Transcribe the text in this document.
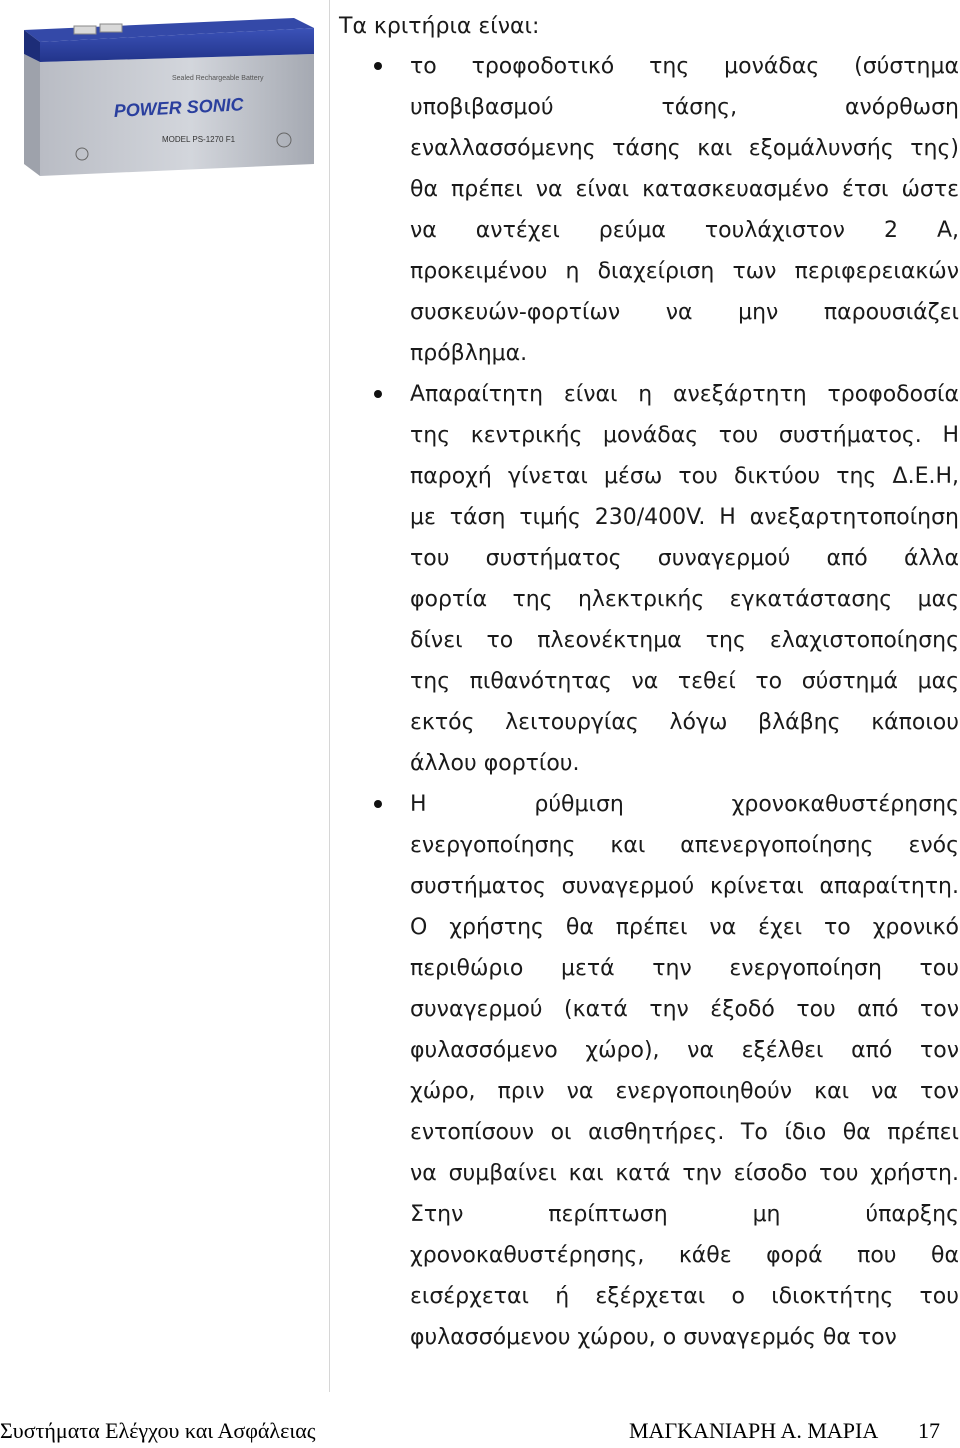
Sealed Rechargeable Battery
POWER SONIC
MODEL PS-1270 F1

Τα κριτήρια είναι:

το τροφοδοτικό της μονάδας (σύστημα
υποβιβασμού τάσης, ανόρθωση
εναλλασσόμενης τάσης και εξομάλυνσής της)
θα πρέπει να είναι κατασκευασμένο έτσι ώστε
να αντέχει ρεύμα τουλάχιστον 2 Α,
προκειμένου η διαχείριση των περιφερειακών
συσκευών-φορτίων να μην παρουσιάζει
πρόβλημα.
Απαραίτητη είναι η ανεξάρτητη τροφοδοσία
της κεντρικής μονάδας του συστήματος. Η
παροχή γίνεται μέσω του δικτύου της Δ.Ε.Η,
με τάση τιμής 230/400V. Η ανεξαρτητοποίηση
του συστήματος συναγερμού από άλλα
φορτία της ηλεκτρικής εγκατάστασης μας
δίνει το πλεονέκτημα της ελαχιστοποίησης
της πιθανότητας να τεθεί το σύστημά μας
εκτός λειτουργίας λόγω βλάβης κάποιου
άλλου φορτίου.
Η ρύθμιση χρονοκαθυστέρησης
ενεργοποίησης και απενεργοποίησης ενός
συστήματος συναγερμού κρίνεται απαραίτητη.
Ο χρήστης θα πρέπει να έχει το χρονικό
περιθώριο μετά την ενεργοποίηση του
συναγερμού (κατά την έξοδό του από τον
φυλασσόμενο χώρο), να εξέλθει από τον
χώρο, πριν να ενεργοποιηθούν και να τον
εντοπίσουν οι αισθητήρες. Το ίδιο θα πρέπει
να συμβαίνει και κατά την είσοδο του χρήστη.
Στην περίπτωση μη ύπαρξης
χρονοκαθυστέρησης, κάθε φορά που θα
εισέρχεται ή εξέρχεται ο ιδιοκτήτης του
φυλασσόμενου χώρου, ο συναγερμός θα τον
Συστήματα Ελέγχου και Ασφάλειας	ΜΑΓΚΑΝΙΑΡΗ Α. ΜΑΡΙΑ 17
